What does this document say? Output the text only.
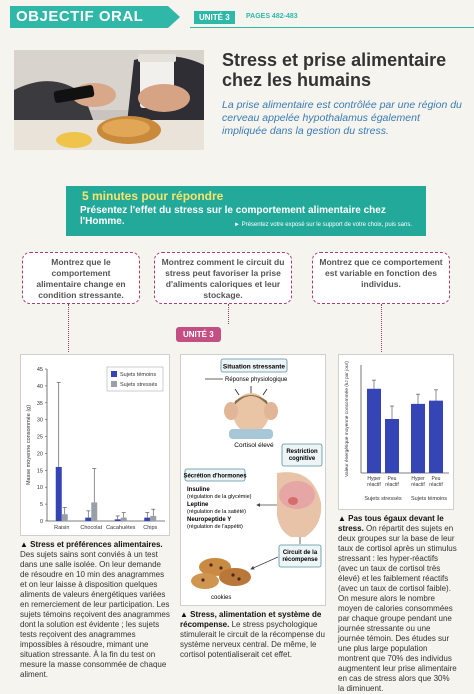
OBJECTIF ORAL	UNITÉ 3	PAGES 482-483
Stress et prise alimentaire
chez les humains
La prise alimentaire est contrôlée par une région du cerveau appelée hypothalamus également impliquée dans la gestion du stress.
5 minutes pour répondre
Présentez l'effet du stress sur le comportement alimentaire chez l'Homme.	► Présentez votre exposé sur le support de votre choix, puis sans.
Montrez que le comportement alimentaire change en condition stressante.
Montrez comment le circuit du stress peut favoriser la prise d'aliments caloriques et leur stockage.
Montrez que ce comportement est variable en fonction des individus.
UNITÉ 3
0
5
10
15
20
25
30
35
40
45
Masse moyenne consommée (g)
Raisin Chocolat Cacahuètes Chips
Sujets témoins
Sujets stressés
▲ Stress et préférences alimentaires. Des sujets sains sont conviés à un test dans une salle isolée. On leur demande de résoudre en 10 min des anagrammes et on leur laisse à disposition quelques aliments de valeurs énergétiques variées en remerciement de leur participation. Les sujets témoins reçoivent des anagrammes dont la solution est évidente ; les sujets tests reçoivent des anagrammes impossibles à résoudre, mimant une situation stressante. À la fin du test on mesure la masse consommée de chaque aliment.
Situation stressante
Réponse physiologique
Cortisol élevé
Restriction cognitive
Sécrétion d'hormones
Insuline
(régulation de la glycémie)
Leptine
(régulation de la satiété)
Neuropeptide Y
(régulation de l'appétit)
Circuit de la récompense
cookies
▲ Stress, alimentation et système de récompense. Le stress psychologique stimulerait le circuit de la récompense du système nerveux central. De même, le cortisol potentialiserait cet effet.
Valeur énergétique moyenne consommée (kJ par jour)
Hyper réactif
Peu réactif
Hyper réactif
Peu réactif
Sujets stressés Sujets témoins
▲ Pas tous égaux devant le stress. On répartit des sujets en deux groupes sur la base de leur taux de cortisol après un stimulus stressant : les hyper-réactifs (avec un taux de cortisol très élevé) et les faiblement réactifs (avec un taux de cortisol faible). On mesure alors le nombre moyen de calories consommées par chaque groupe pendant une journée stressante ou une journée témoin. Des études sur une plus large population montrent que 70% des individus augmentent leur prise alimentaire en cas de stress alors que 30% la diminuent.
